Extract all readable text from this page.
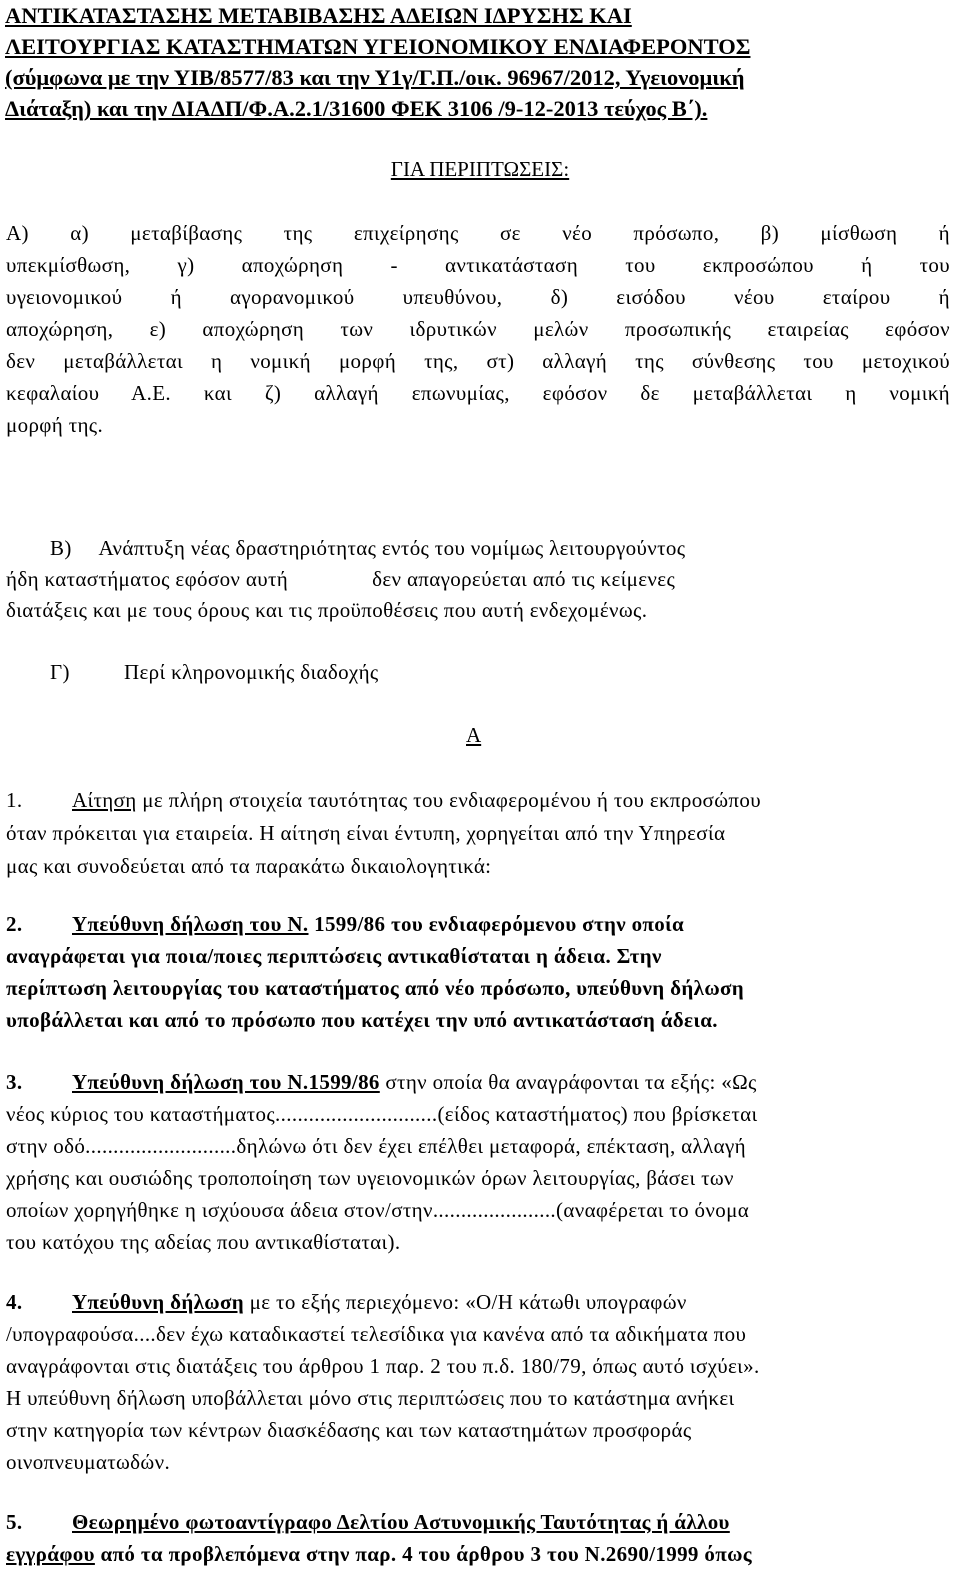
ΑΝΤΙΚΑΤΑΣΤΑΣΗΣ ΜΕΤΑΒΙΒΑΣΗΣ ΑΔΕΙΩΝ ΙΔΡΥΣΗΣ ΚΑΙ
ΛΕΙΤΟΥΡΓΙΑΣ ΚΑΤΑΣΤΗΜΑΤΩΝ ΥΓΕΙΟΝΟΜΙΚΟΥ ΕΝΔΙΑΦΕΡΟΝΤΟΣ
(σύμφωνα με την ΥΙΒ/8577/83 και την Υ1γ/Γ.Π./οικ. 96967/2012, Υγειονομική
Διάταξη) και την ΔΙΑΔΠ/Φ.Α.2.1/31600 ΦΕΚ 3106 /9-12-2013 τεύχος Β΄).
ΓΙΑ ΠΕΡΙΠΤΩΣΕΙΣ:
Α) α) μεταβίβασης της επιχείρησης σε νέο πρόσωπο, β) μίσθωση ή
υπεκμίσθωση, γ) αποχώρηση - αντικατάσταση του εκπροσώπου ή του
υγειονομικού ή αγορανομικού υπευθύνου, δ) εισόδου νέου εταίρου ή
αποχώρηση, ε) αποχώρηση των ιδρυτικών μελών προσωπικής εταιρείας εφόσον
δεν μεταβάλλεται η νομική μορφή της, στ) αλλαγή της σύνθεσης του μετοχικού
κεφαλαίου Α.Ε. και ζ) αλλαγή επωνυμίας, εφόσον δε μεταβάλλεται η νομική
μορφή της.
Β)     Ανάπτυξη νέας δραστηριότητας εντός του νομίμως λειτουργούντος
ήδη καταστήματος εφόσον αυτή	δεν απαγορεύεται από τις κείμενες
διατάξεις και με τους όρους και τις προϋποθέσεις που αυτή ενδεχομένως.
Γ)	Περί κληρονομικής διαδοχής
Α
1. Αίτηση με πλήρη στοιχεία ταυτότητας του ενδιαφερομένου ή του εκπροσώπου
όταν πρόκειται για εταιρεία. Η αίτηση είναι έντυπη, χορηγείται από την Υπηρεσία
μας και συνοδεύεται από τα παρακάτω δικαιολογητικά:
2. Υπεύθυνη δήλωση του Ν. 1599/86 του ενδιαφερόμενου στην οποία
αναγράφεται για ποια/ποιες περιπτώσεις αντικαθίσταται η άδεια. Στην
περίπτωση λειτουργίας του καταστήματος από νέο πρόσωπο, υπεύθυνη δήλωση
υποβάλλεται και από το πρόσωπο που κατέχει την υπό αντικατάσταση άδεια.
3. Υπεύθυνη δήλωση του Ν.1599/86 στην οποία θα αναγράφονται τα εξής: «Ως
νέος κύριος του καταστήματος.............................(είδος καταστήματος) που βρίσκεται
στην οδό...........................δηλώνω ότι δεν έχει επέλθει μεταφορά, επέκταση, αλλαγή
χρήσης και ουσιώδης τροποποίηση των υγειονομικών όρων λειτουργίας, βάσει των
οποίων χορηγήθηκε η ισχύουσα άδεια στον/στην......................(αναφέρεται το όνομα
του κατόχου της αδείας που αντικαθίσταται).
4. Υπεύθυνη δήλωση με το εξής περιεχόμενο: «Ο/Η κάτωθι υπογραφών
/υπογραφούσα....δεν έχω καταδικαστεί τελεσίδικα για κανένα από τα αδικήματα που
αναγράφονται στις διατάξεις του άρθρου 1 παρ. 2 του π.δ. 180/79, όπως αυτό ισχύει».
Η υπεύθυνη δήλωση υποβάλλεται μόνο στις περιπτώσεις που το κατάστημα ανήκει
στην κατηγορία των κέντρων διασκέδασης και των καταστημάτων προσφοράς
οινοπνευματωδών.
5. Θεωρημένο φωτοαντίγραφο Δελτίου Αστυνομικής Ταυτότητας ή άλλου
εγγράφου από τα προβλεπόμενα στην παρ. 4 του άρθρου 3 του Ν.2690/1999 όπως
